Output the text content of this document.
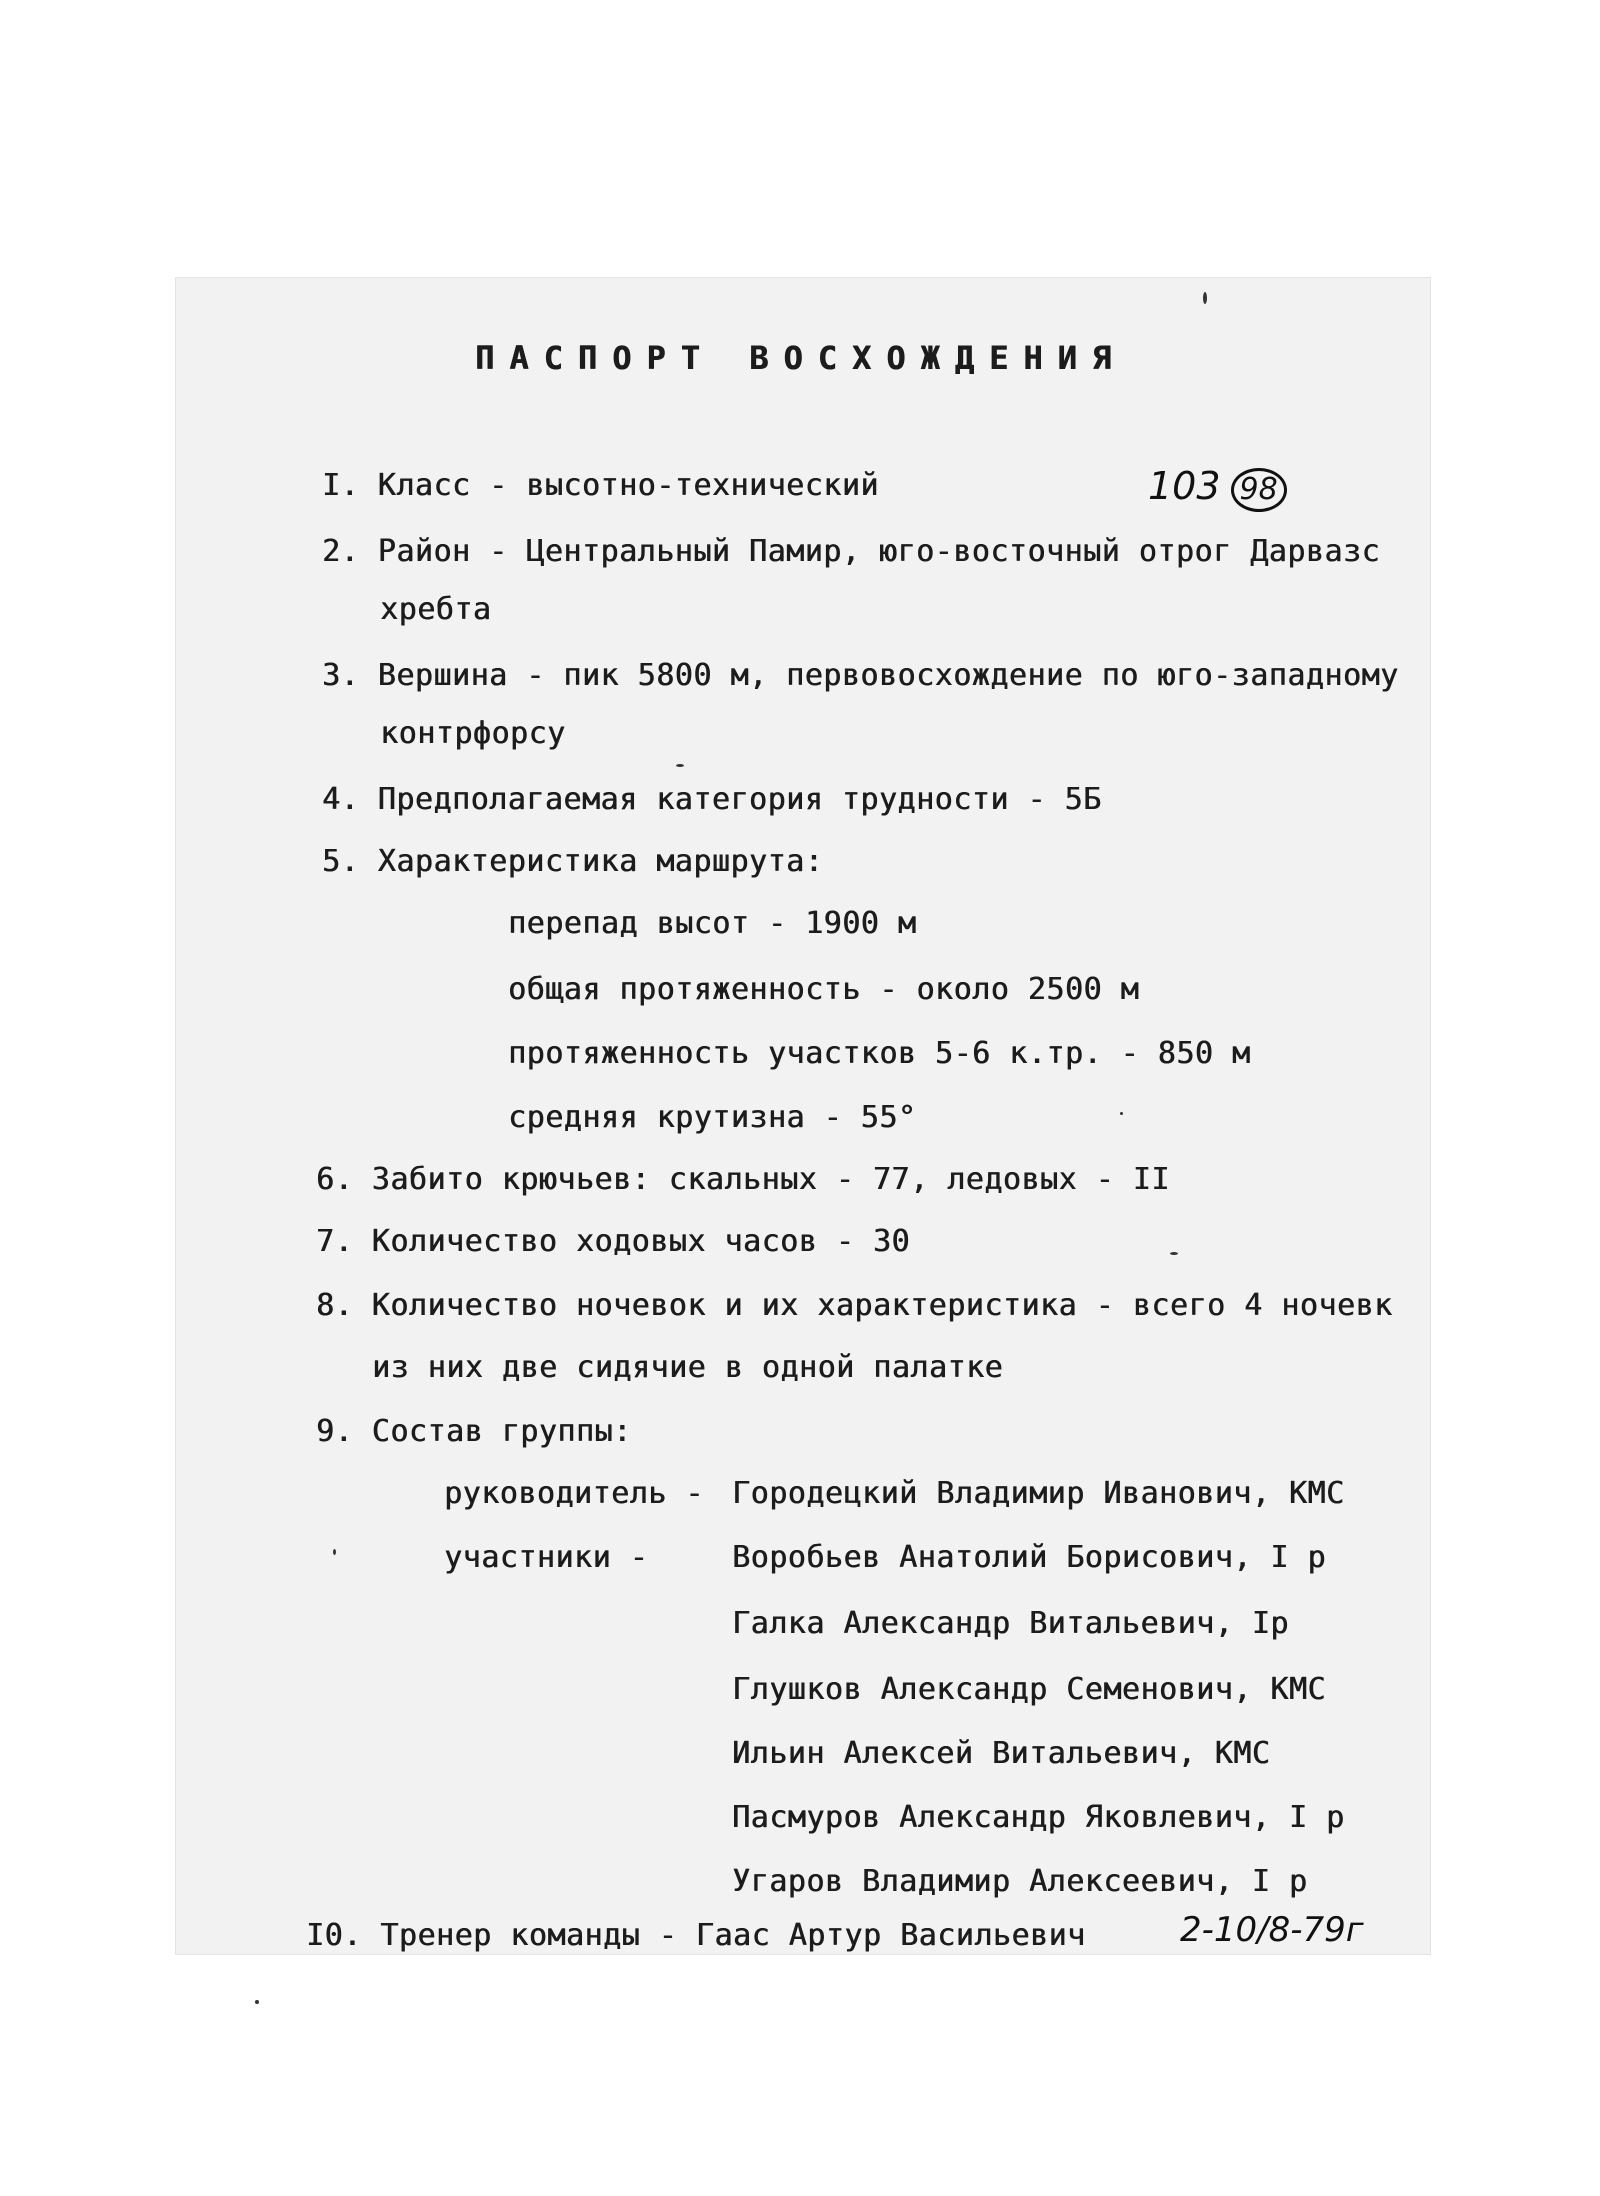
ПАСПОРТ ВОСХОЖДЕНИЯ
I. Класс - высотно-технический	103 98
2. Район - Центральный Памир, юго-восточный отрог Дарвазс
хребта
3. Вершина - пик 5800 м, первовосхождение по юго-западному
контрфорсу
4. Предполагаемая категория трудности - 5Б
5. Характеристика маршрута:
перепад высот - 1900 м
общая протяженность - около 2500 м
протяженность участков 5-6 к.тр. - 850 м
средняя крутизна - 55°
6. Забито крючьев: скальных - 77, ледовых - II
7. Количество ходовых часов - 30
8. Количество ночевок и их характеристика - всего 4 ночевк
из них две сидячие в одной палатке
9. Состав группы:
руководитель - Городецкий Владимир Иванович, КМС
участники -	Воробьев Анатолий Борисович, I р
Галка Александр Витальевич, Iр
Глушков Александр Семенович, КМС
Ильин Алексей Витальевич, КМС
Пасмуров Александр Яковлевич, I р
Угаров Владимир Алексеевич, I р
I0. Тренер команды - Гаас Артур Васильевич	2-10/8-79г
